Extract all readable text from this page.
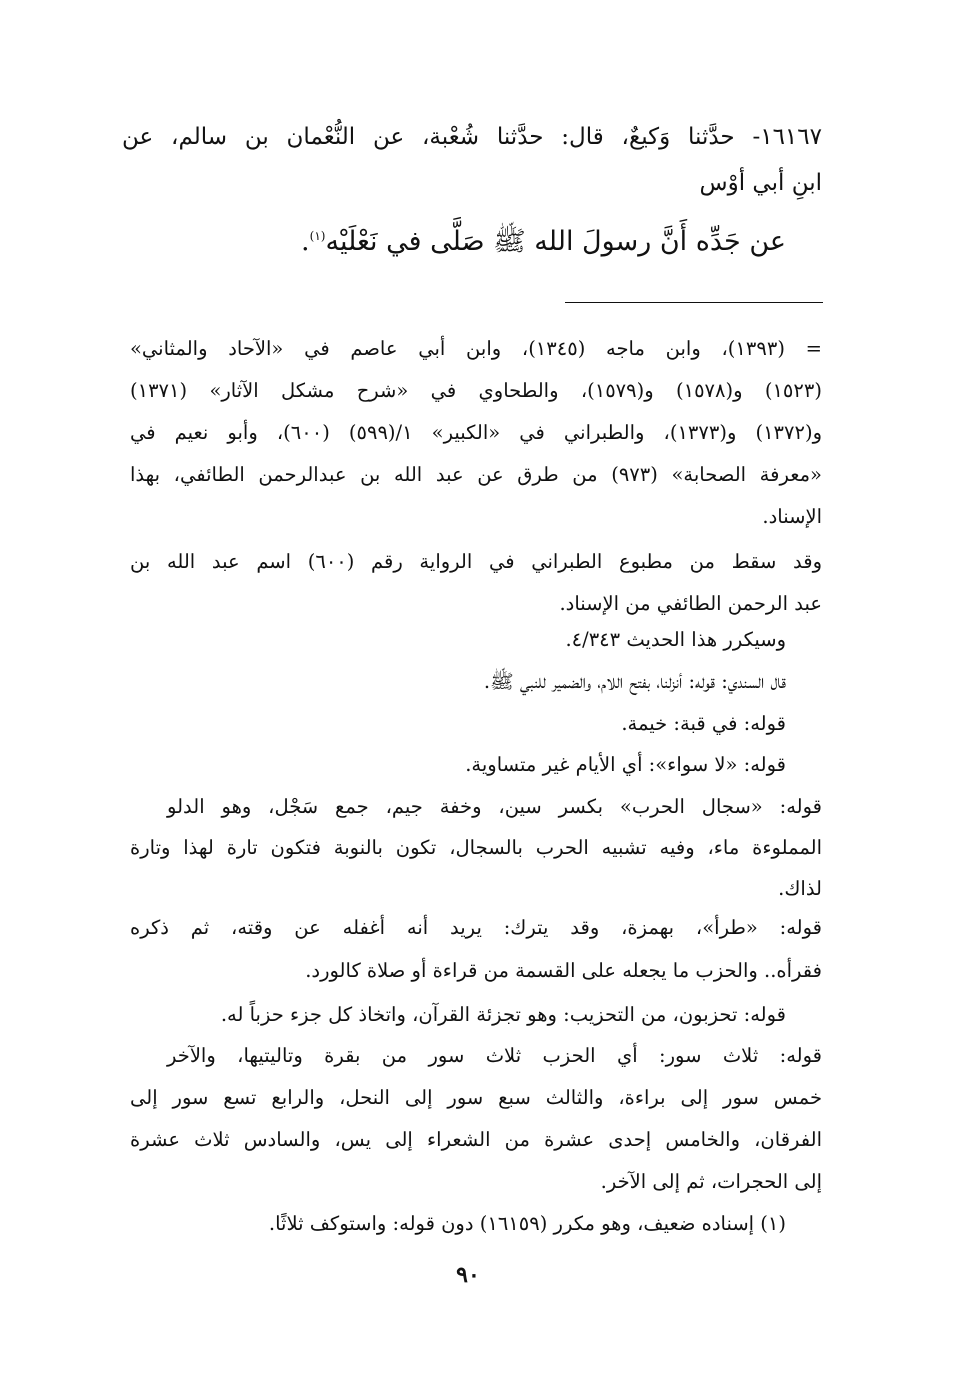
١٦١٦٧- حدَّثنا وَكيعٌ، قال: حدَّثنا شُعْبة، عن النُّعْمان بن سالم، عن
ابنِ أبي أوْس
عن جَدِّه أَنَّ رسولَ الله ﷺ صَلَّى في نَعْلَيْه$^{(١)}$.
= (١٣٩٣)، وابن ماجه (١٣٤٥)، وابن أبي عاصم في «الآحاد والمثاني»
(١٥٢٣) و(١٥٧٨) و(١٥٧٩)، والطحاوي في «شرح مشكل الآثار» (١٣٧١)
و(١٣٧٢) و(١٣٧٣)، والطبراني في «الكبير» ١/(٥٩٩) (٦٠٠)، وأبو نعيم في
«معرفة الصحابة» (٩٧٣) من طرق عن عبد الله بن عبدالرحمن الطائفي، بهذا
الإسناد.
وقد سقط من مطبوع الطبراني في الرواية رقم (٦٠٠) اسم عبد الله بن
عبد الرحمن الطائفي من الإسناد.
وسيكرر هذا الحديث ٤/٣٤٣.
قال السندي: قوله: أنزلنا، بفتح اللام، والضمير للنبي ﷺ.
قوله: في قبة: خيمة.
قوله: «لا سواء»: أي الأيام غير متساوية.
قوله: «سجال الحرب» بكسر سين، وخفة جيم، جمع سَجْل، وهو الدلو
المملوءة ماء، وفيه تشبيه الحرب بالسجال، تكون بالنوبة فتكون تارة لهذا وتارة
لذاك.
قوله: «طرأ»، بهمزة، وقد يترك: يريد أنه أغفله عن وقته، ثم ذكره
فقرأه.. والحزب ما يجعله على القسمة من قراءة أو صلاة كالورد.
قوله: تحزبون، من التحزيب: وهو تجزئة القرآن، واتخاذ كل جزء حزباً له.
قوله: ثلاث سور: أي الحزب ثلاث سور من بقرة وتاليتيها، والآخر
خمس سور إلى براءة، والثالث سبع سور إلى النحل، والرابع تسع سور إلى
الفرقان، والخامس إحدى عشرة من الشعراء إلى يس، والسادس ثلاث عشرة
إلى الحجرات، ثم إلى الآخر.
(١) إسناده ضعيف، وهو مكرر (١٦١٥٩) دون قوله: واستوكف ثلاثًا.
٩٠
